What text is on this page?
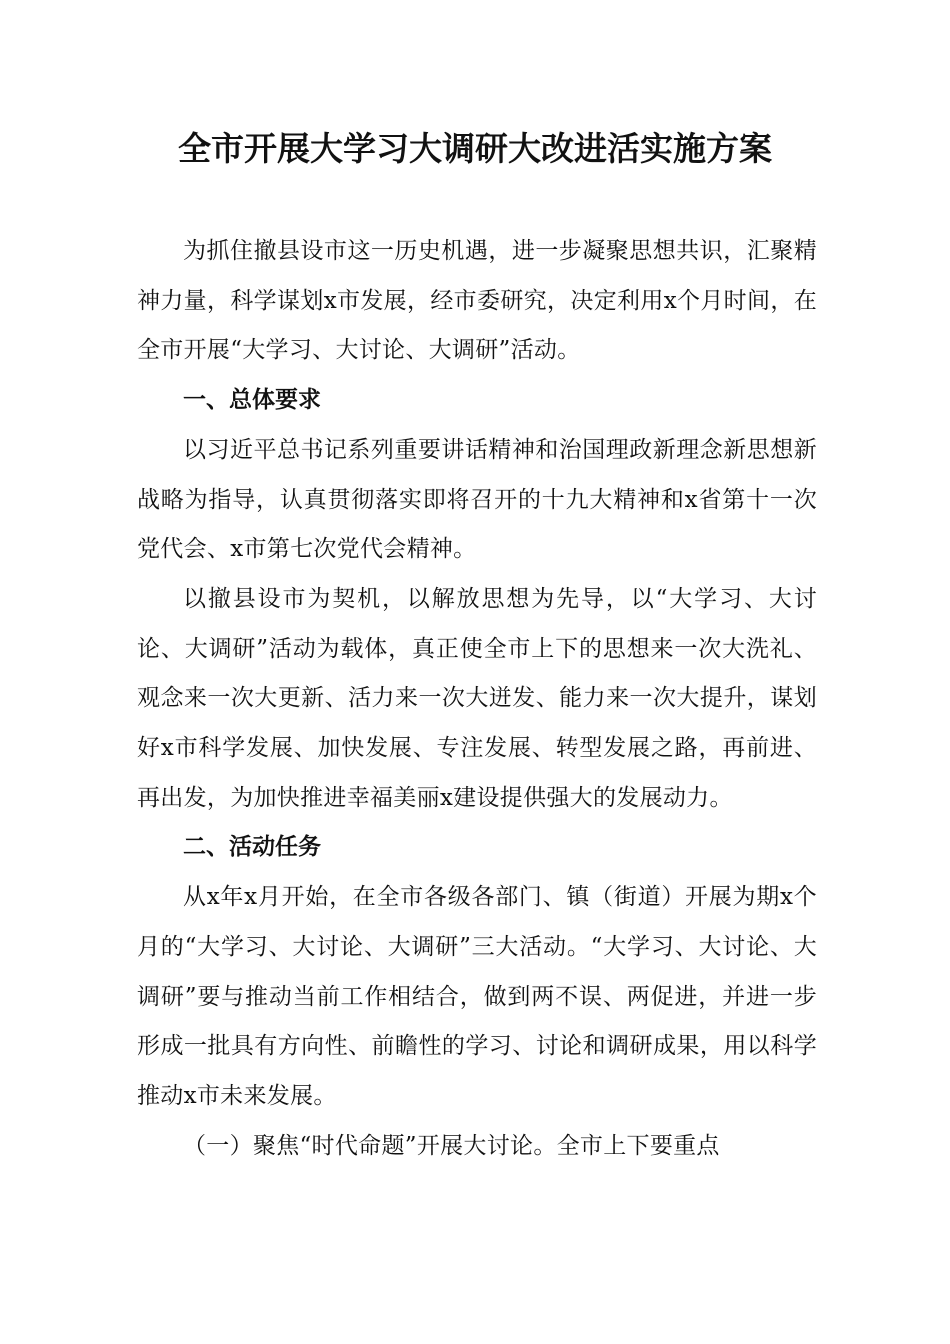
全市开展大学习大调研大改进活实施方案

为抓住撤县设市这一历史机遇，进一步凝聚思想共识，汇聚精神力量，科学谋划x市发展，经市委研究，决定利用x个月时间，在全市开展“大学习、大讨论、大调研”活动。

一、总体要求

以习近平总书记系列重要讲话精神和治国理政新理念新思想新战略为指导，认真贯彻落实即将召开的十九大精神和x省第十一次党代会、x市第七次党代会精神。

以撤县设市为契机，以解放思想为先导，以“大学习、大讨论、大调研”活动为载体，真正使全市上下的思想来一次大洗礼、观念来一次大更新、活力来一次大迸发、能力来一次大提升，谋划好x市科学发展、加快发展、专注发展、转型发展之路，再前进、再出发，为加快推进幸福美丽x建设提供强大的发展动力。

二、活动任务

从x年x月开始，在全市各级各部门、镇（街道）开展为期x个月的“大学习、大讨论、大调研”三大活动。“大学习、大讨论、大调研”要与推动当前工作相结合，做到两不误、两促进，并进一步形成一批具有方向性、前瞻性的学习、讨论和调研成果，用以科学推动x市未来发展。

（一）聚焦“时代命题”开展大讨论。全市上下要重点
